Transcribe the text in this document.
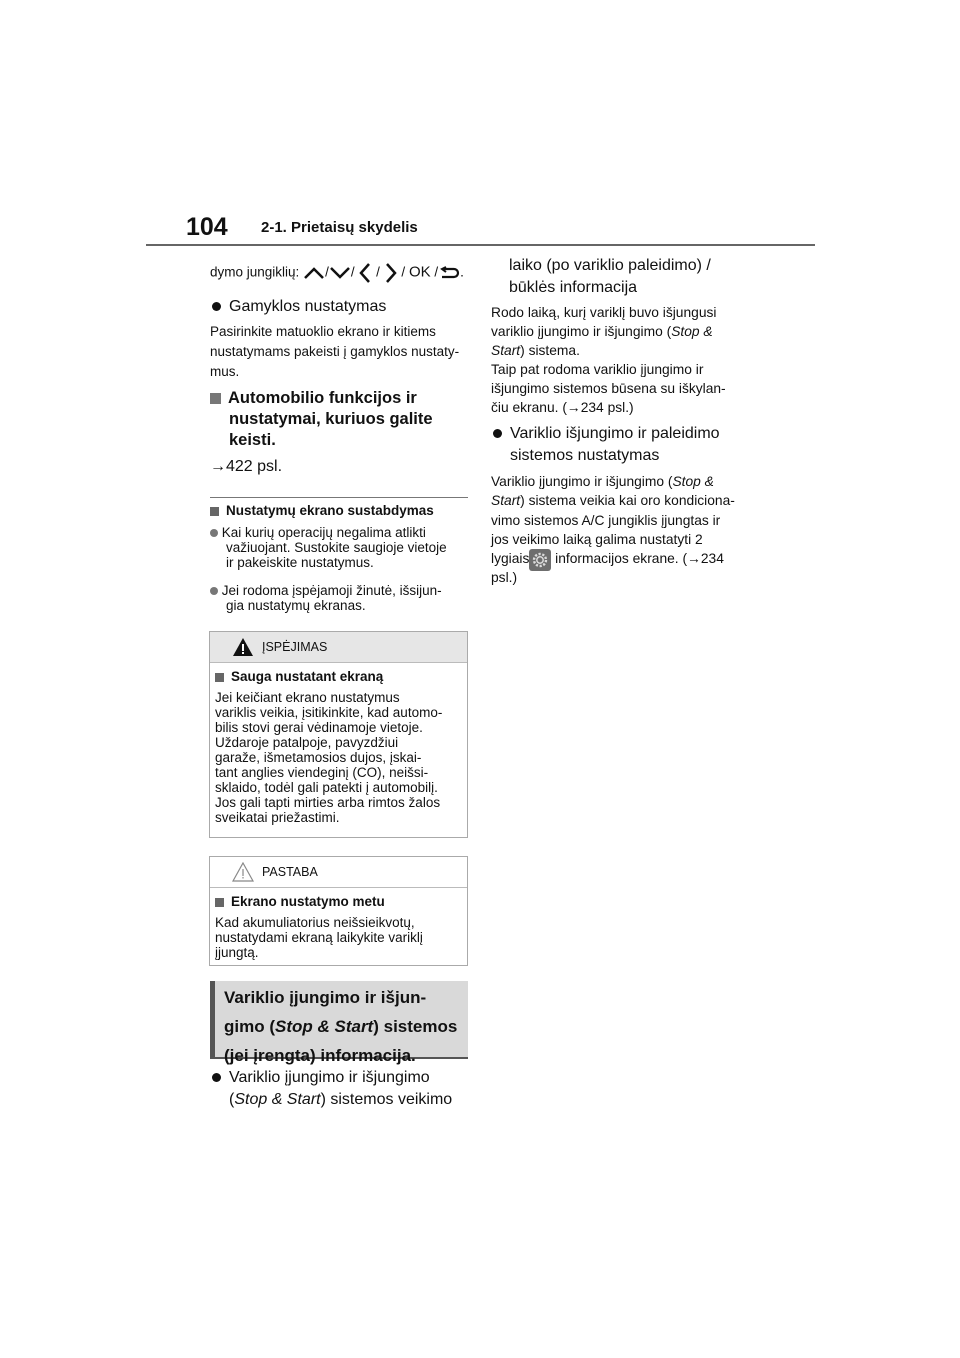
104 2-1. Prietaisų skydelis
dymo jungiklių: / / / / OK / .
Gamyklos nustatymas
Pasirinkite matuoklio ekrano ir kitiems
nustatymams pakeisti į gamyklos nustaty-
mus.
Automobilio funkcijos ir
nustatymai, kuriuos galite
keisti.
→422 psl.
Nustatymų ekrano sustabdymas
Kai kurių operacijų negalima atlikti
važiuojant. Sustokite saugioje vietoje
ir pakeiskite nustatymus.
Jei rodoma įspėjamoji žinutė, išsijun-
gia nustatymų ekranas.
ĮSPĖJIMAS
Sauga nustatant ekraną
Jei keičiant ekrano nustatymus
variklis veikia, įsitikinkite, kad automo-
bilis stovi gerai vėdinamoje vietoje.
Uždaroje patalpoje, pavyzdžiui
garaže, išmetamosios dujos, įskai-
tant anglies viendeginį (CO), neišsi-
sklaido, todėl gali patekti į automobilį.
Jos gali tapti mirties arba rimtos žalos
sveikatai priežastimi.
PASTABA
Ekrano nustatymo metu
Kad akumuliatorius neišsieikvotų,
nustatydami ekraną laikykite variklį
įjungtą.
Variklio įjungimo ir išjun-
gimo (Stop & Start) sistemos
(jei įrengta) informacija.
Variklio įjungimo ir išjungimo
(Stop & Start) sistemos veikimo
laiko (po variklio paleidimo) /
būklės informacija
Rodo laiką, kurį variklį buvo išjungusi
variklio įjungimo ir išjungimo (Stop &
Start) sistema.
Taip pat rodoma variklio įjungimo ir
išjungimo sistemos būsena su iškylan-
čiu ekranu. (→234 psl.)
Variklio išjungimo ir paleidimo
sistemos nustatymas
Variklio įjungimo ir išjungimo (Stop &
Start) sistema veikia kai oro kondiciona-
vimo sistemos A/C jungiklis įjungtas ir
jos veikimo laiką galima nustatyti 2
lygiais informacijos ekrane. (→234
psl.)
